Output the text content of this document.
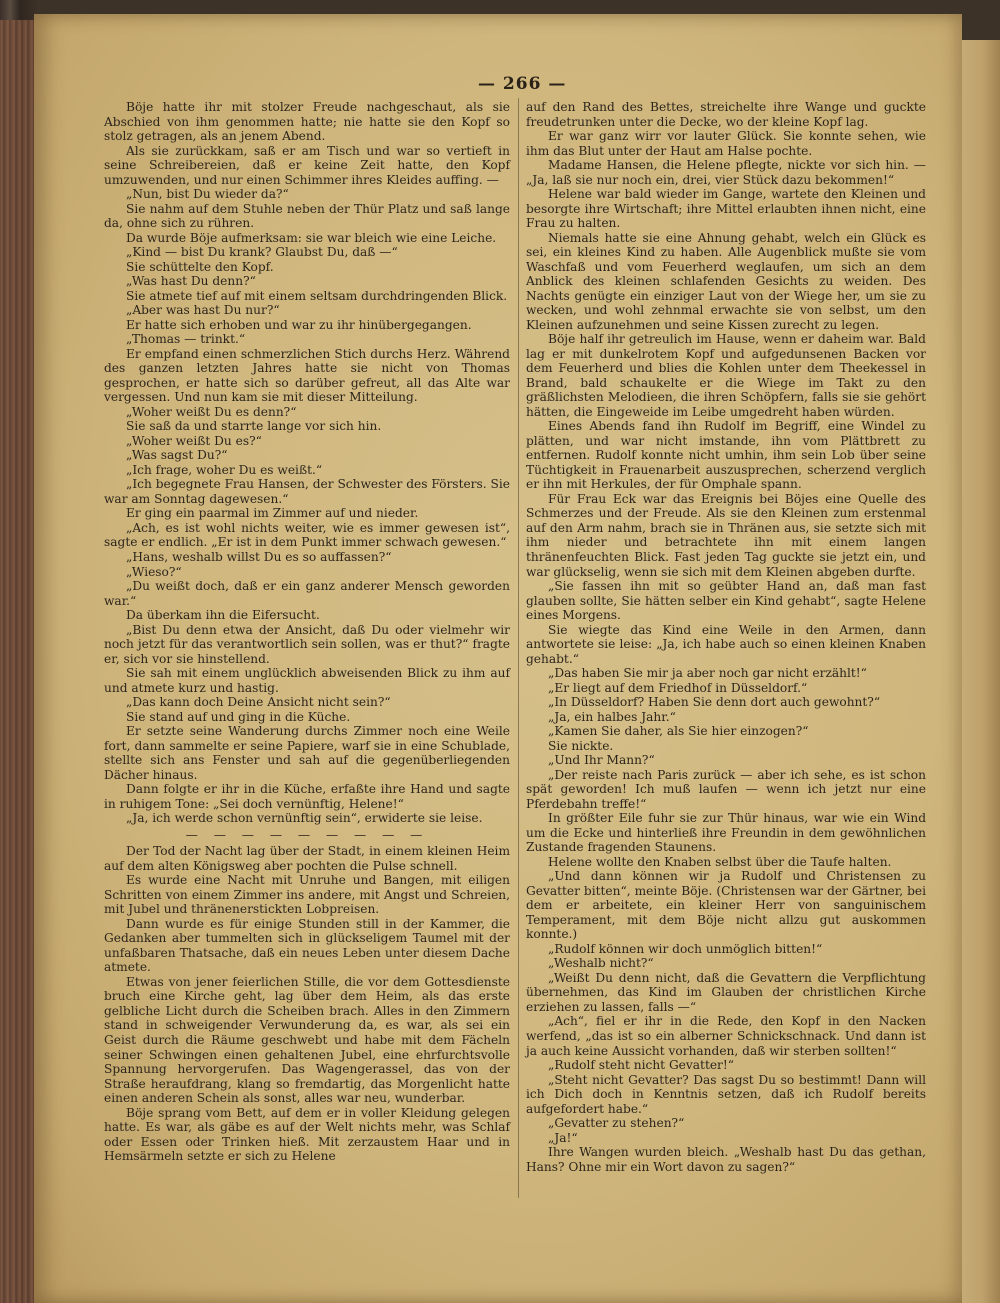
— 266 —

Böje hatte ihr mit stolzer Freude nachgeschaut, als sie Abschied von ihm genommen hatte; nie hatte sie den Kopf so stolz getragen, als an jenem Abend.

Als sie zurückkam, saß er am Tisch und war so vertieft in seine Schreibereien, daß er keine Zeit hatte, den Kopf umzuwenden, und nur einen Schimmer ihres Kleides auffing. —

„Nun, bist Du wieder da?“

Sie nahm auf dem Stuhle neben der Thür Platz und saß lange da, ohne sich zu rühren.

Da wurde Böje aufmerksam: sie war bleich wie eine Leiche.

„Kind — bist Du krank? Glaubst Du, daß —“

Sie schüttelte den Kopf.

„Was hast Du denn?“

Sie atmete tief auf mit einem seltsam durchdringenden Blick.

„Aber was hast Du nur?“

Er hatte sich erhoben und war zu ihr hinübergegangen.

„Thomas — trinkt.“

Er empfand einen schmerzlichen Stich durchs Herz. Während des ganzen letzten Jahres hatte sie nicht von Thomas gesprochen, er hatte sich so darüber gefreut, all das Alte war vergessen. Und nun kam sie mit dieser Mitteilung.

„Woher weißt Du es denn?“

Sie saß da und starrte lange vor sich hin.

„Woher weißt Du es?“

„Was sagst Du?“

„Ich frage, woher Du es weißt.“

„Ich begegnete Frau Hansen, der Schwester des Försters. Sie war am Sonntag dagewesen.“

Er ging ein paarmal im Zimmer auf und nieder.

„Ach, es ist wohl nichts weiter, wie es immer gewesen ist“, sagte er endlich. „Er ist in dem Punkt immer schwach gewesen.“

„Hans, weshalb willst Du es so auffassen?“

„Wieso?“

„Du weißt doch, daß er ein ganz anderer Mensch geworden war.“

Da überkam ihn die Eifersucht.

„Bist Du denn etwa der Ansicht, daß Du oder vielmehr wir noch jetzt für das verantwortlich sein sollen, was er thut?“ fragte er, sich vor sie hinstellend.

Sie sah mit einem unglücklich abweisenden Blick zu ihm auf und atmete kurz und hastig.

„Das kann doch Deine Ansicht nicht sein?“

Sie stand auf und ging in die Küche.

Er setzte seine Wanderung durchs Zimmer noch eine Weile fort, dann sammelte er seine Papiere, warf sie in eine Schublade, stellte sich ans Fenster und sah auf die gegenüberliegenden Dächer hinaus.

Dann folgte er ihr in die Küche, erfaßte ihre Hand und sagte in ruhigem Tone: „Sei doch vernünftig, Helene!“

„Ja, ich werde schon vernünftig sein“, erwiderte sie leise.

— — — — — — — — —

Der Tod der Nacht lag über der Stadt, in einem kleinen Heim auf dem alten Königsweg aber pochten die Pulse schnell.

Es wurde eine Nacht mit Unruhe und Bangen, mit eiligen Schritten von einem Zimmer ins andere, mit Angst und Schreien, mit Jubel und thränenerstickten Lobpreisen.

Dann wurde es für einige Stunden still in der Kammer, die Gedanken aber tummelten sich in glückseligem Taumel mit der unfaßbaren Thatsache, daß ein neues Leben unter diesem Dache atmete.

Etwas von jener feierlichen Stille, die vor dem Gottesdienste bruch eine Kirche geht, lag über dem Heim, als das erste gelbliche Licht durch die Scheiben brach. Alles in den Zimmern stand in schweigender Verwunderung da, es war, als sei ein Geist durch die Räume geschwebt und habe mit dem Fächeln seiner Schwingen einen gehaltenen Jubel, eine ehrfurchtsvolle Spannung hervorgerufen. Das Wagengerassel, das von der Straße heraufdrang, klang so fremdartig, das Morgenlicht hatte einen anderen Schein als sonst, alles war neu, wunderbar.

Böje sprang vom Bett, auf dem er in voller Kleidung gelegen hatte. Es war, als gäbe es auf der Welt nichts mehr, was Schlaf oder Essen oder Trinken hieß. Mit zerzaustem Haar und in Hemsärmeln setzte er sich zu Helene

auf den Rand des Bettes, streichelte ihre Wange und guckte freudetrunken unter die Decke, wo der kleine Kopf lag.

Er war ganz wirr vor lauter Glück. Sie konnte sehen, wie ihm das Blut unter der Haut am Halse pochte.

Madame Hansen, die Helene pflegte, nickte vor sich hin. — „Ja, laß sie nur noch ein, drei, vier Stück dazu bekommen!“

Helene war bald wieder im Gange, wartete den Kleinen und besorgte ihre Wirtschaft; ihre Mittel erlaubten ihnen nicht, eine Frau zu halten.

Niemals hatte sie eine Ahnung gehabt, welch ein Glück es sei, ein kleines Kind zu haben. Alle Augenblick mußte sie vom Waschfaß und vom Feuerherd weglaufen, um sich an dem Anblick des kleinen schlafenden Gesichts zu weiden. Des Nachts genügte ein einziger Laut von der Wiege her, um sie zu wecken, und wohl zehnmal erwachte sie von selbst, um den Kleinen aufzunehmen und seine Kissen zurecht zu legen.

Böje half ihr getreulich im Hause, wenn er daheim war. Bald lag er mit dunkelrotem Kopf und aufgedunsenen Backen vor dem Feuerherd und blies die Kohlen unter dem Theekessel in Brand, bald schaukelte er die Wiege im Takt zu den gräßlichsten Melodieen, die ihren Schöpfern, falls sie sie gehört hätten, die Eingeweide im Leibe umgedreht haben würden.

Eines Abends fand ihn Rudolf im Begriff, eine Windel zu plätten, und war nicht imstande, ihn vom Plättbrett zu entfernen. Rudolf konnte nicht umhin, ihm sein Lob über seine Tüchtigkeit in Frauenarbeit auszusprechen, scherzend verglich er ihn mit Herkules, der für Omphale spann.

Für Frau Eck war das Ereignis bei Böjes eine Quelle des Schmerzes und der Freude. Als sie den Kleinen zum erstenmal auf den Arm nahm, brach sie in Thränen aus, sie setzte sich mit ihm nieder und betrachtete ihn mit einem langen thränenfeuchten Blick. Fast jeden Tag guckte sie jetzt ein, und war glückselig, wenn sie sich mit dem Kleinen abgeben durfte.

„Sie fassen ihn mit so geübter Hand an, daß man fast glauben sollte, Sie hätten selber ein Kind gehabt“, sagte Helene eines Morgens.

Sie wiegte das Kind eine Weile in den Armen, dann antwortete sie leise: „Ja, ich habe auch so einen kleinen Knaben gehabt.“

„Das haben Sie mir ja aber noch gar nicht erzählt!“

„Er liegt auf dem Friedhof in Düsseldorf.“

„In Düsseldorf? Haben Sie denn dort auch gewohnt?“

„Ja, ein halbes Jahr.“

„Kamen Sie daher, als Sie hier einzogen?“

Sie nickte.

„Und Ihr Mann?“

„Der reiste nach Paris zurück — aber ich sehe, es ist schon spät geworden! Ich muß laufen — wenn ich jetzt nur eine Pferdebahn treffe!“

In größter Eile fuhr sie zur Thür hinaus, war wie ein Wind um die Ecke und hinterließ ihre Freundin in dem gewöhnlichen Zustande fragenden Staunens.

Helene wollte den Knaben selbst über die Taufe halten.

„Und dann können wir ja Rudolf und Christensen zu Gevatter bitten“, meinte Böje. (Christensen war der Gärtner, bei dem er arbeitete, ein kleiner Herr von sanguinischem Temperament, mit dem Böje nicht allzu gut auskommen konnte.)

„Rudolf können wir doch unmöglich bitten!“

„Weshalb nicht?“

„Weißt Du denn nicht, daß die Gevattern die Verpflichtung übernehmen, das Kind im Glauben der christlichen Kirche erziehen zu lassen, falls —“

„Ach“, fiel er ihr in die Rede, den Kopf in den Nacken werfend, „das ist so ein alberner Schnickschnack. Und dann ist ja auch keine Aussicht vorhanden, daß wir sterben sollten!“

„Rudolf steht nicht Gevatter!“

„Steht nicht Gevatter? Das sagst Du so bestimmt! Dann will ich Dich doch in Kenntnis setzen, daß ich Rudolf bereits aufgefordert habe.“

„Gevatter zu stehen?“

„Ja!“

Ihre Wangen wurden bleich. „Weshalb hast Du das gethan, Hans? Ohne mir ein Wort davon zu sagen?“
